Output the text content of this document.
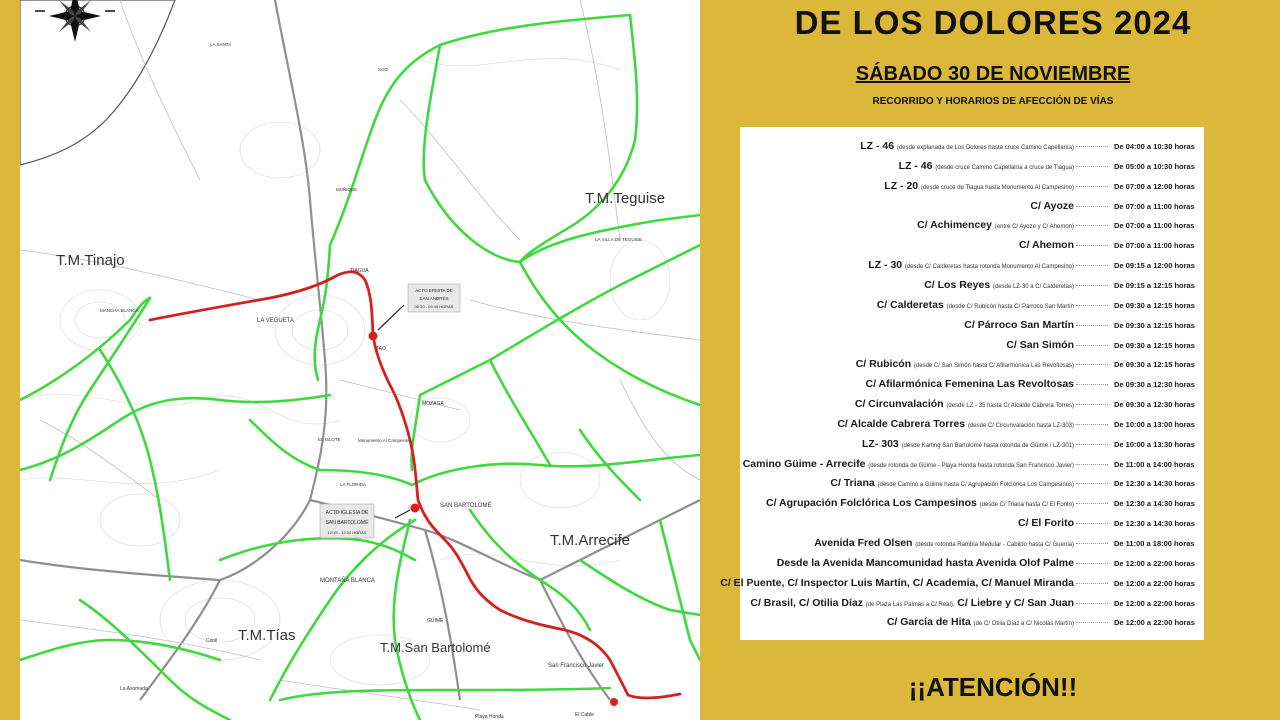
T.M.Teguise
T.M.Tinajo
T.M.Arrecife
T.M.Tías
T.M.San Bartolomé
TIAGUA
LA VEGUETA
TAO
MOZAGA
SAN BARTOLOMÉ
MONTAÑA BLANCA
GÜIME
San Francisco Javier
Playa Honda	El Cable
LA FLORIDA
EL ISLOTE
LA SANTA
SOO
MUÑIQUE
LA VILLA DE TEGUISE
MANCHA BLANCA
Conil
La Asomada
Monumento Al Campesino
ACTO ERMITA DE
SAN ANDRÉS
08:30 - 09:45 HORAS
ACTO IGLESIA DE
SAN BARTOLOMÉ
12:15 - 12:30 HORAS
DE LOS DOLORES 2024
SÁBADO 30 DE NOVIEMBRE
RECORRIDO Y HORARIOS DE AFECCIÓN DE VÍAS
LZ - 46 (desde explanada de Los Dolores hasta cruce Camino Capellanía)	De 04:00 a 10:30 horas
LZ - 46 (desde cruce Camino Capellanía a cruce de Tiagua)	De 05:00 a 10:30 horas
LZ - 20 (desde cruce de Tiagua hasta Monumento Al Campesino)	De 07:00 a 12:00 horas
C/ Ayoze	De 07:00 a 11:00 horas
C/ Achimencey (entre C/ Ayoze y C/ Ahemon)	De 07:00 a 11:00 horas
C/ Ahemon	De 07:00 a 11:00 horas
LZ - 30 (desde C/ Calderetas hasta rotonda Monumento Al Campesino)	De 09:15 a 12:00 horas
C/ Los Reyes (desde LZ-30 a C/ Calderetas)	De 09:15 a 12:15 horas
C/ Calderetas (desde C/ Rubicón hasta C/ Párroco San Martín	De 09:30 a 12:15 horas
C/ Párroco San Martín	De 09:30 a 12:15 horas
C/ San Simón	De 09:30 a 12:15 horas
C/ Rubicón (desde C/ San Simón hasta C/ Afilarmónica Las Revoltosas)	De 09:30 a 12:15 horas
C/ Afilarmónica Femenina Las Revoltosas	De 09:30 a 12:30 horas
C/ Circunvalación (desde LZ - 35 hasta C/ Alcalde Cabrera Torres)	De 09:30 a 12:30 horas
C/ Alcalde Cabrera Torres (desde C/ Circunvalación hasta LZ-303)	De 10:00 a 13:00 horas
LZ- 303 (desde Karting San Bartolomé hasta rotonda de Güime / LZ-301)	De 10:00 a 13:30 horas
Camino Güime - Arrecife (desde rotonda de Güime - Playa Honda hasta rotonda San Francisco Javier)	De 11:00 a 14:00 horas
C/ Triana (desde Camino a Güime hasta C/ Agrupación Folclórica Los Campesinos)	De 12:30 a 14:30 horas
C/ Agrupación Folclórica Los Campesinos (desde C/ Triana hasta C/ El Forito)	De 12:30 a 14:30 horas
C/ El Forito	De 12:30 a 14:30 horas
Avenida Fred Olsen (desde rotonda Rambla Medular - Cabildo hasta C/ Guenia)	De 11:00 a 18:00 horas
Desde la Avenida Mancomunidad hasta Avenida Olof Palme	De 12:00 a 22:00 horas
C/ El Puente, C/ Inspector Luis Martín, C/ Academia, C/ Manuel Miranda	De 12:00 a 22:00 horas
C/ Brasil, C/ Otilia Díaz (de Plaza Las Palmas a C/ Real), C/ Liebre y C/ San Juan	De 12:00 a 22:00 horas
C/ García de Hita (de C/ Otilia Díaz a C/ Nicolás Martín)	De 12:00 a 22:00 horas
¡¡ATENCIÓN!!
